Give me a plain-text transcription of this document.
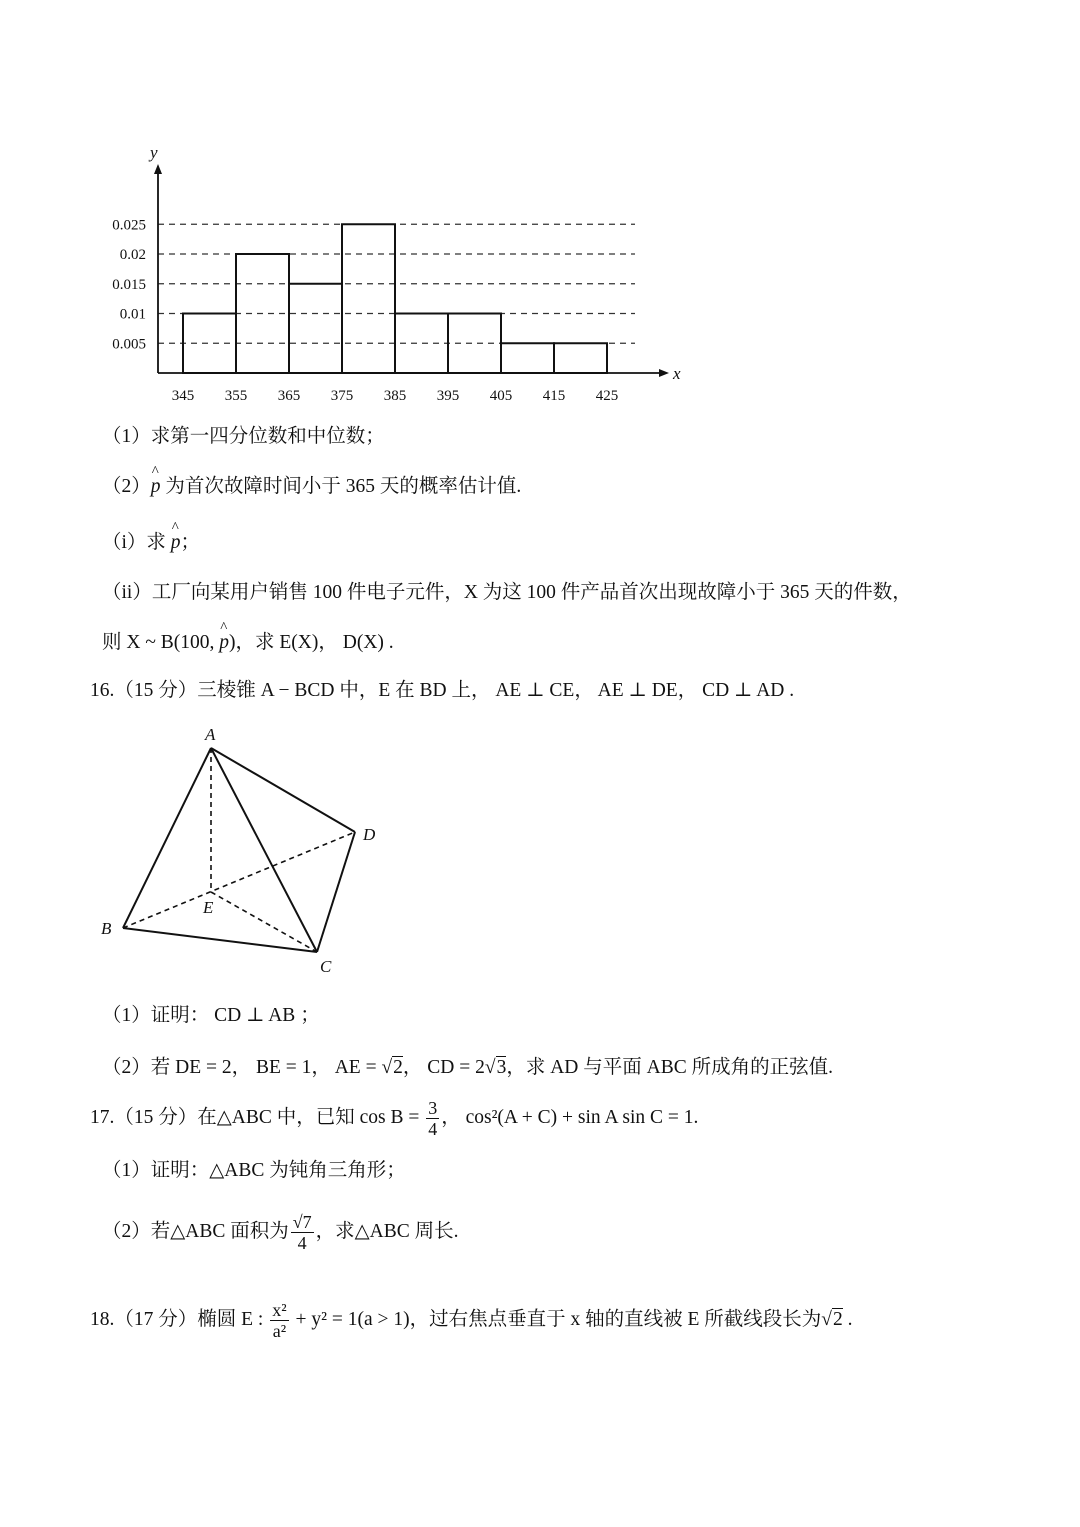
0.005
0.01
0.015
0.02
0.025
345 355 365 375 385 395 405 415 425
x
y
（1）求第一四分位数和中位数；
（2）^ p 为首次故障时间小于 365 天的概率估计值.
（i）求 ^ p；
（ii）工厂向某用户销售 100 件电子元件，X 为这 100 件产品首次出现故障小于 365 天的件数，
则 X ~ B(100, ^ p)，求 E(X)， D(X) .
16.（15 分）三棱锥 A − BCD 中，E 在 BD 上， AE ⊥ CE， AE ⊥ DE， CD ⊥ AD .
A
B
C
D
E
（1）证明： CD ⊥ AB ；
（2）若 DE = 2， BE = 1， AE = √2， CD = 2√3，求 AD 与平面 ABC 所成角的正弦值.
17.（15 分）在△ABC 中，已知 $\cos B = \frac{3}{4}$ ， cos²(A + C) + sin A sin C = 1.
（1）证明：△ABC 为钝角三角形；
（2）若△ABC 面积为 $\frac{√7}{4}$ ，求△ABC 周长.
18.（17 分）椭圆 E : $\frac{\text{x²}}{\text{a²}} + y^2 = 1(a > 1)$，过右焦点垂直于 x 轴的直线被 E 所截线段长为√2 .
